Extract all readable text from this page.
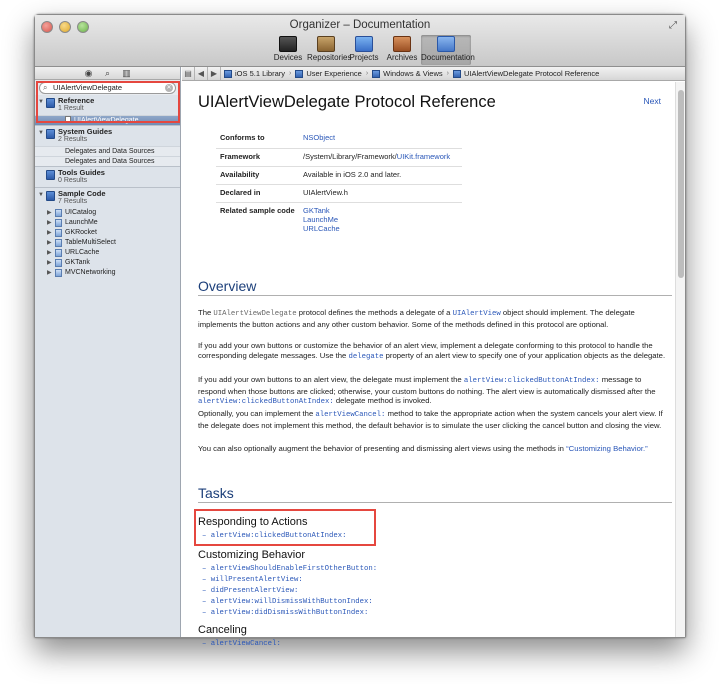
⤢
Organizer – Documentation
Devices Repositories
Projects	Archives Documentation
◉	⌕	▥
⌕ UIAlertViewDelegate	✕
▼ Reference
1 Result
UIAlertViewDelegate
▼ System Guides
2 Results
Delegates and Data Sources
Delegates and Data Sources
Tools Guides
0 Results
▼ Sample Code
7 Results
▶ UICatalog
▶ LaunchMe
▶ GKRocket
▶ TableMultiSelect
▶ URLCache
▶ GKTank
▶ MVCNetworking
▤ ◀ ▶	iOS 5.1 Library › User Experience › Windows & Views › UIAlertViewDelegate Protocol Reference
Next
UIAlertViewDelegate Protocol Reference
Conforms to	NSObject
Framework	/System/Library/Framework/UIKit.framework
Availability	Available in iOS 2.0 and later.
Declared in	UIAlertView.h
Related sample code	GKTank
LaunchMe
URLCache
Overview
The UIAlertViewDelegate protocol defines the methods a delegate of a UIAlertView object should implement. The delegate implements the button actions and any other custom behavior. Some of the methods defined in this protocol are optional.
If you add your own buttons or customize the behavior of an alert view, implement a delegate conforming to this protocol to handle the corresponding delegate messages. Use the delegate property of an alert view to specify one of your application objects as the delegate.
If you add your own buttons to an alert view, the delegate must implement the alertView:clickedButtonAtIndex: message to respond when those buttons are clicked; otherwise, your custom buttons do nothing. The alert view is automatically dismissed after the alertView:clickedButtonAtIndex: delegate method is invoked.
Optionally, you can implement the alertViewCancel: method to take the appropriate action when the system cancels your alert view. If the delegate does not implement this method, the default behavior is to simulate the user clicking the cancel button and closing the view.
You can also optionally augment the behavior of presenting and dismissing alert views using the methods in “Customizing Behavior.”
Tasks
Responding to Actions
– alertView:clickedButtonAtIndex:
Customizing Behavior
– alertViewShouldEnableFirstOtherButton:
– willPresentAlertView:
– didPresentAlertView:
– alertView:willDismissWithButtonIndex:
– alertView:didDismissWithButtonIndex:
Canceling
– alertViewCancel:
